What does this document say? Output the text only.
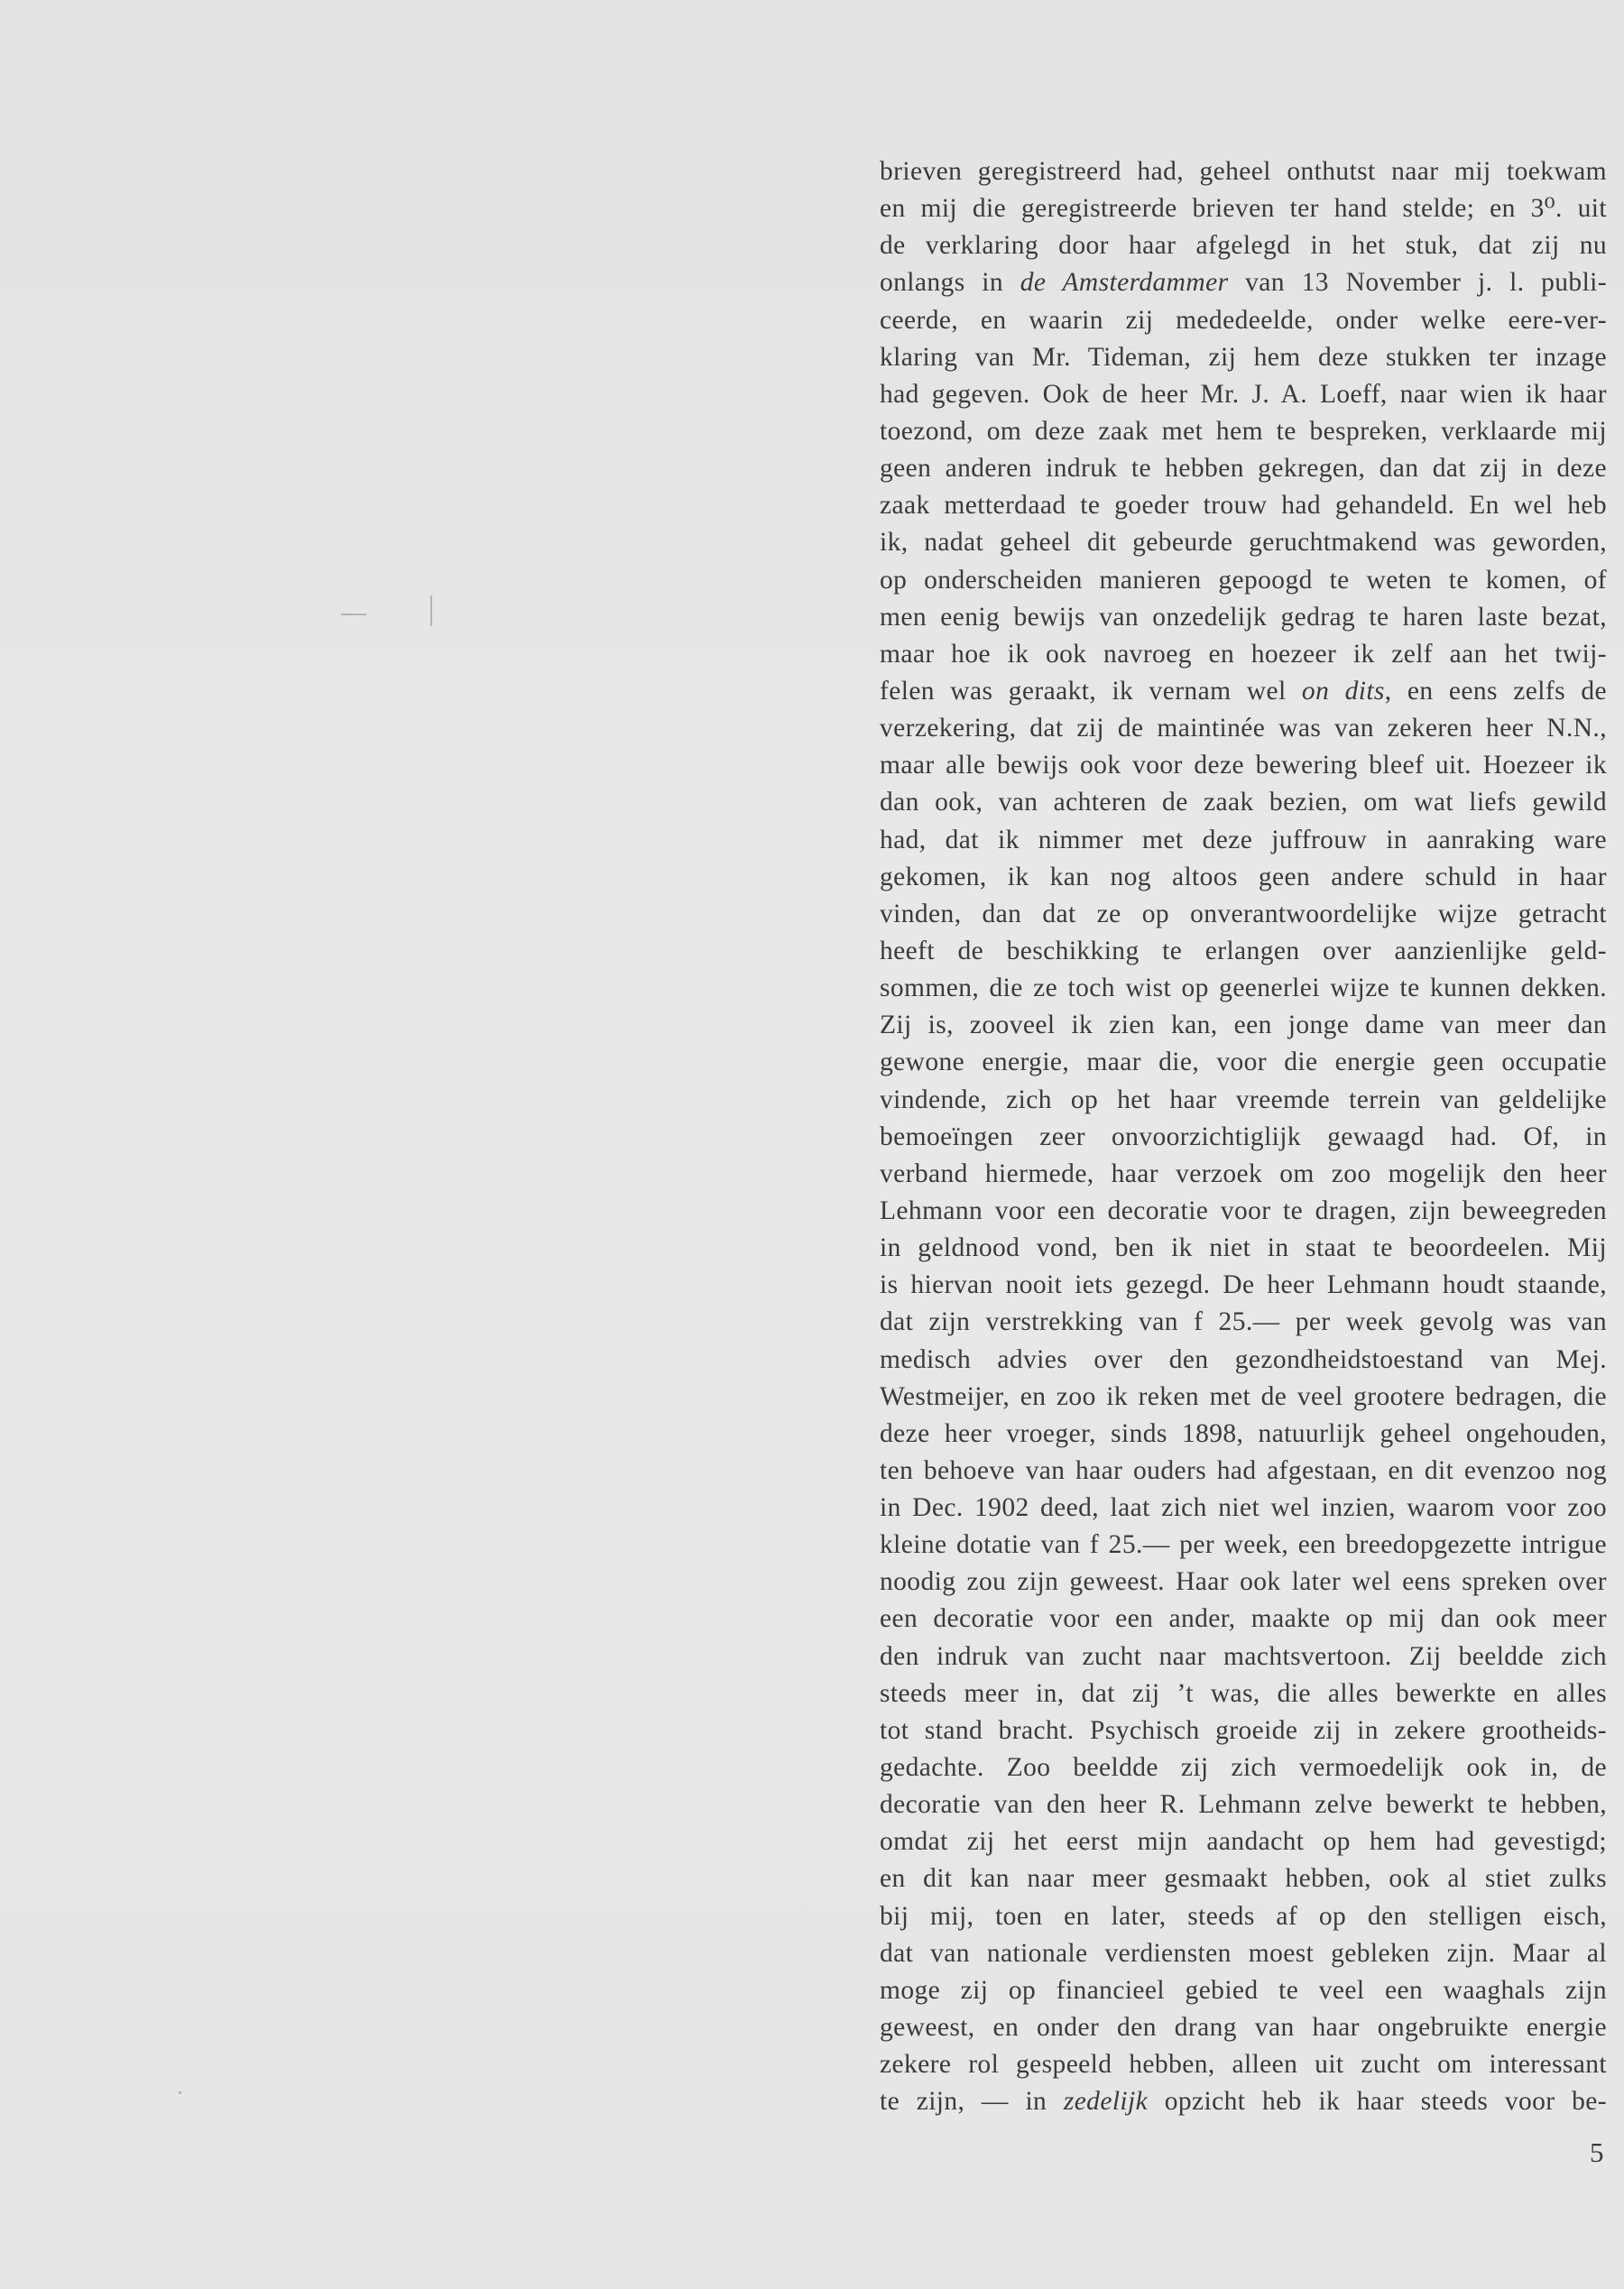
brieven geregistreerd had, geheel onthutst naar mij toekwam
en mij die geregistreerde brieven ter hand stelde; en 3⁰. uit
de verklaring door haar afgelegd in het stuk, dat zij nu
onlangs in de Amsterdammer van 13 November j. l. publi-
ceerde, en waarin zij mededeelde, onder welke eere-ver-
klaring van Mr. Tideman, zij hem deze stukken ter inzage
had gegeven. Ook de heer Mr. J. A. Loeff, naar wien ik haar
toezond, om deze zaak met hem te bespreken, verklaarde mij
geen anderen indruk te hebben gekregen, dan dat zij in deze
zaak metterdaad te goeder trouw had gehandeld. En wel heb
ik, nadat geheel dit gebeurde geruchtmakend was geworden,
op onderscheiden manieren gepoogd te weten te komen, of
men eenig bewijs van onzedelijk gedrag te haren laste bezat,
maar hoe ik ook navroeg en hoezeer ik zelf aan het twij-
felen was geraakt, ik vernam wel on dits, en eens zelfs de
verzekering, dat zij de maintinée was van zekeren heer N.N.,
maar alle bewijs ook voor deze bewering bleef uit. Hoezeer ik
dan ook, van achteren de zaak bezien, om wat liefs gewild
had, dat ik nimmer met deze juffrouw in aanraking ware
gekomen, ik kan nog altoos geen andere schuld in haar
vinden, dan dat ze op onverantwoordelijke wijze getracht
heeft de beschikking te erlangen over aanzienlijke geld-
sommen, die ze toch wist op geenerlei wijze te kunnen dekken.
Zij is, zooveel ik zien kan, een jonge dame van meer dan
gewone energie, maar die, voor die energie geen occupatie
vindende, zich op het haar vreemde terrein van geldelijke
bemoeïngen zeer onvoorzichtiglijk gewaagd had. Of, in
verband hiermede, haar verzoek om zoo mogelijk den heer
Lehmann voor een decoratie voor te dragen, zijn beweegreden
in geldnood vond, ben ik niet in staat te beoordeelen. Mij
is hiervan nooit iets gezegd. De heer Lehmann houdt staande,
dat zijn verstrekking van f 25.— per week gevolg was van
medisch advies over den gezondheidstoestand van Mej.
Westmeijer, en zoo ik reken met de veel grootere bedragen, die
deze heer vroeger, sinds 1898, natuurlijk geheel ongehouden,
ten behoeve van haar ouders had afgestaan, en dit evenzoo nog
in Dec. 1902 deed, laat zich niet wel inzien, waarom voor zoo
kleine dotatie van f 25.— per week, een breedopgezette intrigue
noodig zou zijn geweest. Haar ook later wel eens spreken over
een decoratie voor een ander, maakte op mij dan ook meer
den indruk van zucht naar machtsvertoon. Zij beeldde zich
steeds meer in, dat zij ’t was, die alles bewerkte en alles
tot stand bracht. Psychisch groeide zij in zekere grootheids-
gedachte. Zoo beeldde zij zich vermoedelijk ook in, de
decoratie van den heer R. Lehmann zelve bewerkt te hebben,
omdat zij het eerst mijn aandacht op hem had gevestigd;
en dit kan naar meer gesmaakt hebben, ook al stiet zulks
bij mij, toen en later, steeds af op den stelligen eisch,
dat van nationale verdiensten moest gebleken zijn. Maar al
moge zij op financieel gebied te veel een waaghals zijn
geweest, en onder den drang van haar ongebruikte energie
zekere rol gespeeld hebben, alleen uit zucht om interessant
te zijn, — in zedelijk opzicht heb ik haar steeds voor be-
5
